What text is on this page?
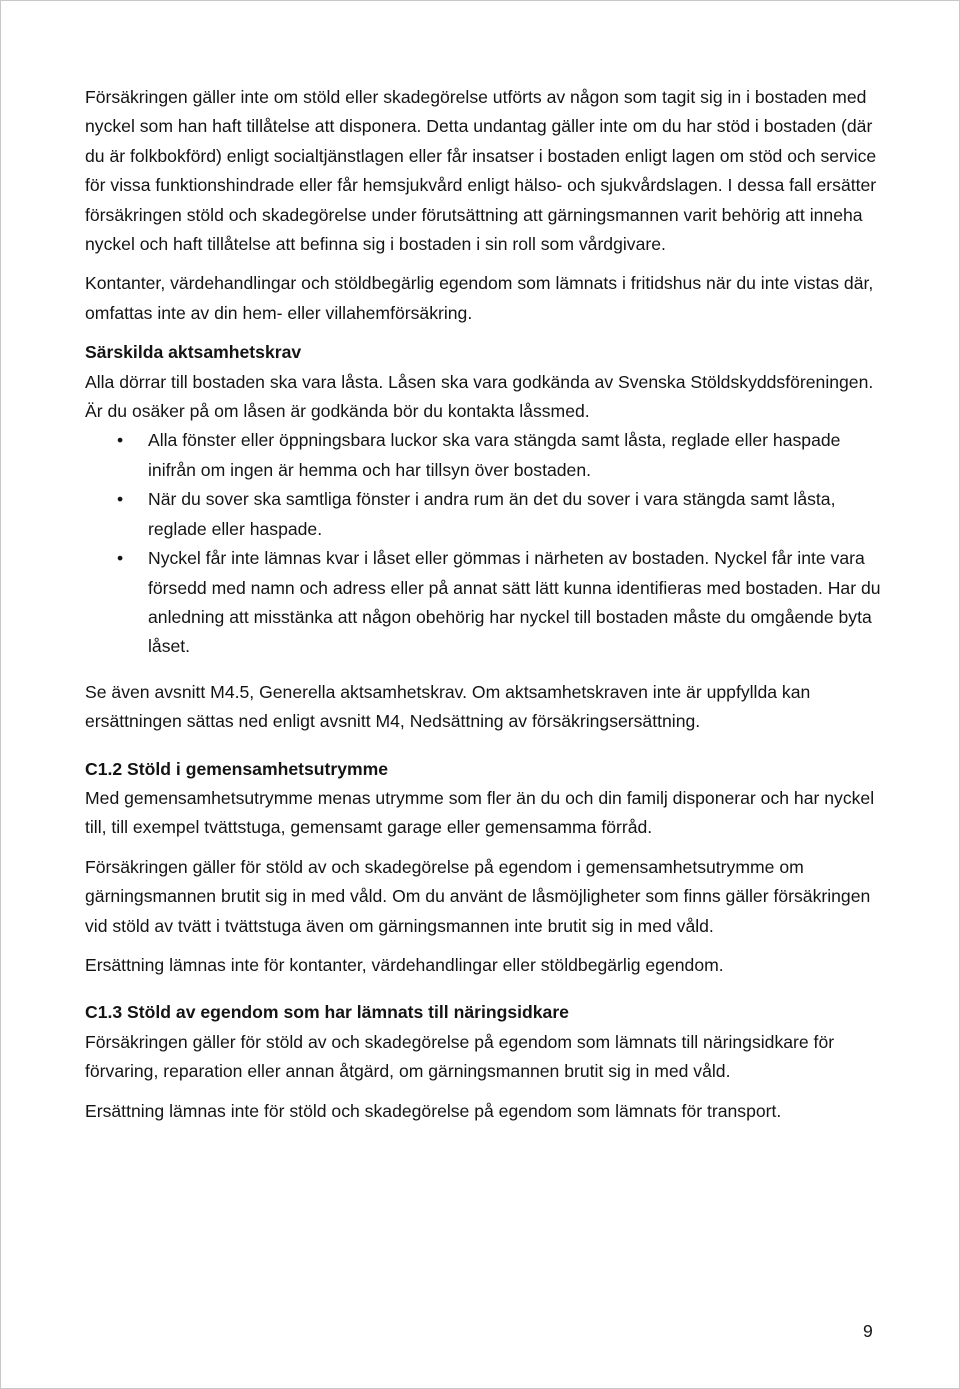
Försäkringen gäller inte om stöld eller skadegörelse utförts av någon som tagit sig in i bostaden med nyckel som han haft tillåtelse att disponera. Detta undantag gäller inte om du har stöd i bostaden (där du är folkbokförd) enligt socialtjänstlagen eller får insatser i bostaden enligt lagen om stöd och service för vissa funktionshindrade eller får hemsjukvård enligt hälso- och sjukvårdslagen. I dessa fall ersätter försäkringen stöld och skadegörelse under förutsättning att gärningsmannen varit behörig att inneha nyckel och haft tillåtelse att befinna sig i bostaden i sin roll som vårdgivare.

Kontanter, värdehandlingar och stöldbegärlig egendom som lämnats i fritidshus när du inte vistas där, omfattas inte av din hem- eller villahemförsäkring.

Särskilda aktsamhetskrav

Alla dörrar till bostaden ska vara låsta. Låsen ska vara godkända av Svenska Stöldskyddsföreningen. Är du osäker på om låsen är godkända bör du kontakta låssmed.

• Alla fönster eller öppningsbara luckor ska vara stängda samt låsta, reglade eller haspade inifrån om ingen är hemma och har tillsyn över bostaden.
• När du sover ska samtliga fönster i andra rum än det du sover i vara stängda samt låsta, reglade eller haspade.
• Nyckel får inte lämnas kvar i låset eller gömmas i närheten av bostaden. Nyckel får inte vara försedd med namn och adress eller på annat sätt lätt kunna identifieras med bostaden. Har du anledning att misstänka att någon obehörig har nyckel till bostaden måste du omgående byta låset.

Se även avsnitt M4.5, Generella aktsamhetskrav. Om aktsamhetskraven inte är uppfyllda kan ersättningen sättas ned enligt avsnitt M4, Nedsättning av försäkringsersättning.

C1.2 Stöld i gemensamhetsutrymme

Med gemensamhetsutrymme menas utrymme som fler än du och din familj disponerar och har nyckel till, till exempel tvättstuga, gemensamt garage eller gemensamma förråd.

Försäkringen gäller för stöld av och skadegörelse på egendom i gemensamhetsutrymme om gärningsmannen brutit sig in med våld. Om du använt de låsmöjligheter som finns gäller försäkringen vid stöld av tvätt i tvättstuga även om gärningsmannen inte brutit sig in med våld.

Ersättning lämnas inte för kontanter, värdehandlingar eller stöldbegärlig egendom.

C1.3 Stöld av egendom som har lämnats till näringsidkare

Försäkringen gäller för stöld av och skadegörelse på egendom som lämnats till näringsidkare för förvaring, reparation eller annan åtgärd, om gärningsmannen brutit sig in med våld.

Ersättning lämnas inte för stöld och skadegörelse på egendom som lämnats för transport.

9
